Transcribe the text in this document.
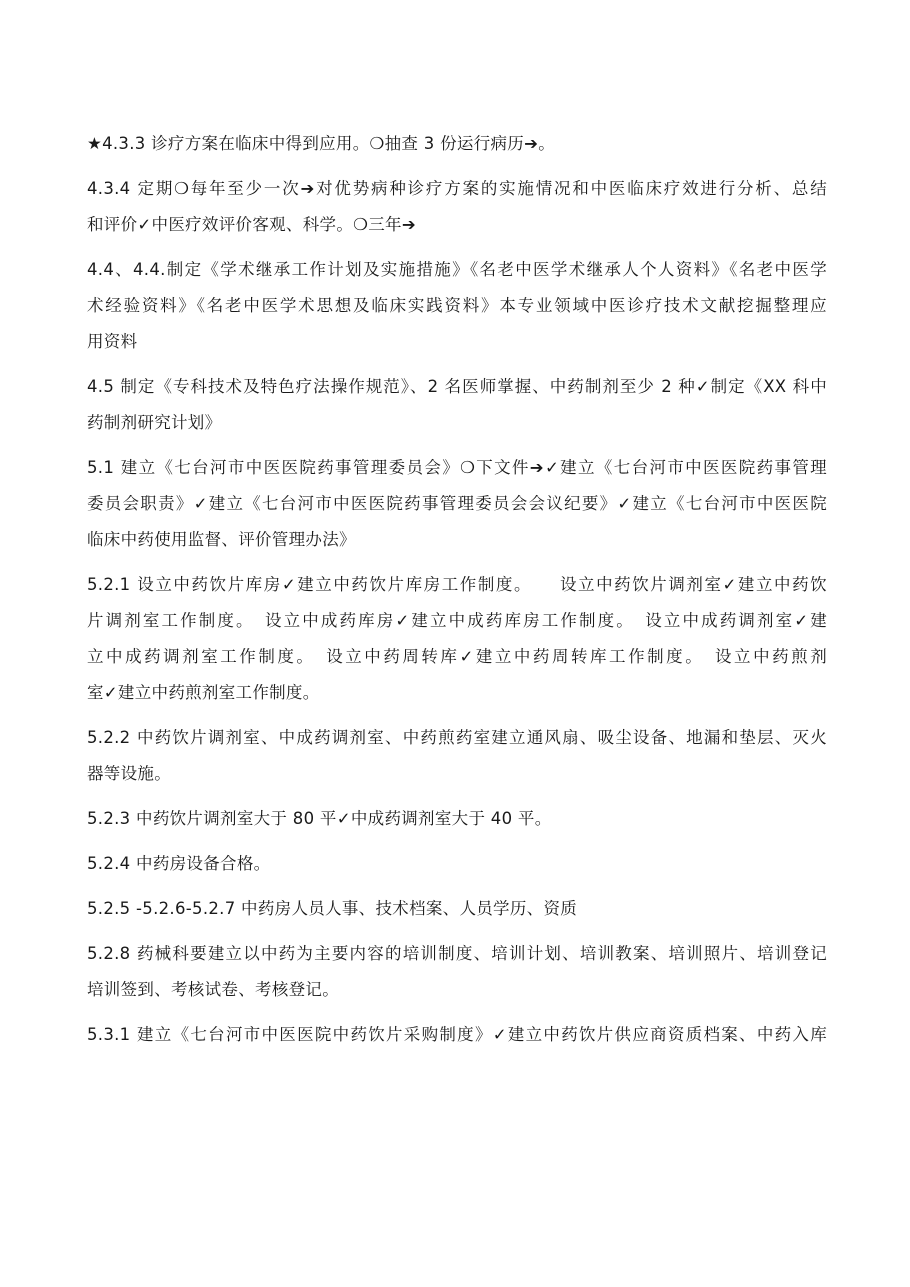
★4.3.3 诊疗方案在临床中得到应用。❍抽查 3 份运行病历➔。

4.3.4 定期❍每年至少一次➔对优势病种诊疗方案的实施情况和中医临床疗效进行分析、总结
和评价✓中医疗效评价客观、科学。❍三年➔

4.4、4.4.制定《学术继承工作计划及实施措施》《名老中医学术继承人个人资料》《名老中医学
术经验资料》《名老中医学术思想及临床实践资料》本专业领域中医诊疗技术文献挖掘整理应
用资料

4.5 制定《专科技术及特色疗法操作规范》、2 名医师掌握、中药制剂至少 2 种✓制定《XX 科中
药制剂研究计划》

5.1 建立《七台河市中医医院药事管理委员会》❍下文件➔✓建立《七台河市中医医院药事管理
委员会职责》✓建立《七台河市中医医院药事管理委员会会议纪要》✓建立《七台河市中医医院
临床中药使用监督、评价管理办法》

5.2.1 设立中药饮片库房✓建立中药饮片库房工作制度。　　设立中药饮片调剂室✓建立中药饮
片调剂室工作制度。　设立中成药库房✓建立中成药库房工作制度。　设立中成药调剂室✓建
立中成药调剂室工作制度。　设立中药周转库✓建立中药周转库工作制度。　设立中药煎剂
室✓建立中药煎剂室工作制度。

5.2.2 中药饮片调剂室、中成药调剂室、中药煎药室建立通风扇、吸尘设备、地漏和垫层、灭火
器等设施。

5.2.3 中药饮片调剂室大于 80 平✓中成药调剂室大于 40 平。

5.2.4 中药房设备合格。

5.2.5 -5.2.6-5.2.7 中药房人员人事、技术档案、人员学历、资质

5.2.8 药械科要建立以中药为主要内容的培训制度、培训计划、培训教案、培训照片、培训登记
培训签到、考核试卷、考核登记。

5.3.1 建立《七台河市中医医院中药饮片采购制度》✓建立中药饮片供应商资质档案、中药入库
